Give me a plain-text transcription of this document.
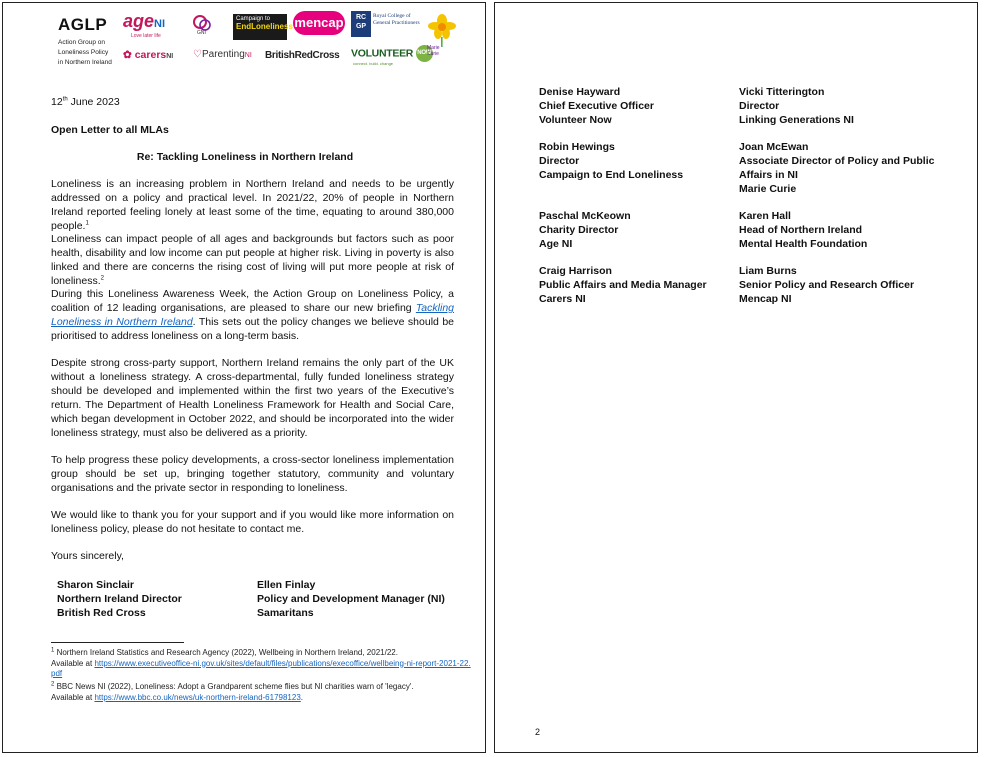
AGLP
Action Group on
Loneliness Policy
in Northern Ireland
ageNI
Love later life
✿ carersNI
GNI
♡ParentingNI
Campaign to
EndLoneliness
BritishRedCross
mencap	RC
GP
Royal College of
General Practitioners
VOLUNTEER NOW
connect. build. change
Marie
Curie
12th June 2023
Open Letter to all MLAs
Re: Tackling Loneliness in Northern Ireland
Loneliness is an increasing problem in Northern Ireland and needs to be urgently addressed on a policy and practical level. In 2021/22, 20% of people in Northern Ireland reported feeling lonely at least some of the time, equating to around 380,000 people.$^1$
Loneliness can impact people of all ages and backgrounds but factors such as poor health, disability and low income can put people at higher risk. Living in poverty is also linked and there are concerns the rising cost of living will put more people at risk of loneliness.$^2$
During this Loneliness Awareness Week, the Action Group on Loneliness Policy, a coalition of 12 leading organisations, are pleased to share our new briefing Tackling Loneliness in Northern Ireland. This sets out the policy changes we believe should be prioritised to address loneliness on a long-term basis.
Despite strong cross-party support, Northern Ireland remains the only part of the UK without a loneliness strategy. A cross-departmental, fully funded loneliness strategy should be developed and implemented within the first two years of the Executive’s return. The Department of Health Loneliness Framework for Health and Social Care, which began development in October 2022, and should be incorporated into the wider loneliness strategy, must also be delivered as a priority.
To help progress these policy developments, a cross-sector loneliness implementation group should be set up, bringing together statutory, community and voluntary organisations and the private sector in responding to loneliness.
We would like to thank you for your support and if you would like more information on loneliness policy, please do not hesitate to contact me.
Yours sincerely,
Sharon Sinclair
Northern Ireland Director
British Red Cross
Ellen Finlay
Policy and Development Manager (NI)
Samaritans
$^1$ Northern Ireland Statistics and Research Agency (2022), Wellbeing in Northern Ireland, 2021/22.
Available at https://www.executiveoffice-ni.gov.uk/sites/default/files/publications/execoffice/wellbeing-ni-report-2021-22.pdf
$^2$ BBC News NI (2022), Loneliness: Adopt a Grandparent scheme flies but NI charities warn of 'legacy'.
Available at https://www.bbc.co.uk/news/uk-northern-ireland-61798123.
Denise Hayward
Chief Executive Officer
Volunteer Now
Vicki Titterington
Director
Linking Generations NI
Robin Hewings
Director
Campaign to End Loneliness
Joan McEwan
Associate Director of Policy and Public
Affairs in NI
Marie Curie
Paschal McKeown
Charity Director
Age NI
Karen Hall
Head of Northern Ireland
Mental Health Foundation
Craig Harrison
Public Affairs and Media Manager
Carers NI
Liam Burns
Senior Policy and Research Officer
Mencap NI
2
